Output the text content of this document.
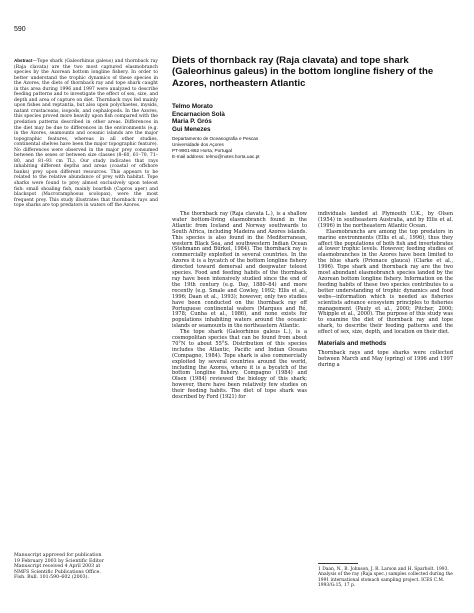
590
Abstract—Tope shark (Galeorhinus galeus) and thornback ray (Raja clavata) are the two most captured elasmobranch species by the Azorean bottom longline fishery. In order to better understand the trophic dynamics of these species in the Azores, the diets of thornback ray and tope shark caught in this area during 1996 and 1997 were analyzed to describe feeding patterns and to investigate the effect of sex, size, and depth and area of capture on diet. Thornback rays fed mainly upon fishes and reptantia, but also upon polychaetes, mysids, natant crustaceans, isopods, and cephalopods. In the Azores, this species proved more heavily upon fish compared with the predation patterns described in other areas. Differences in the diet may be due to differences in the environments (e.g. in the Azores, seamounts and oceanic islands are the major topographic features, whereas in all other studies, continental shelves have been the major topographic feature). No differences were observed in the major prey consumed between the sexes or between size classes (8–60, 61–70, 71–80, and 81–93 cm TL). Our study indicates that rays inhabiting different depths and areas (coastal or offshore banks) prey upon different resources. This appears to be related to the relative abundance of prey with habitat. Tope sharks were found to prey almost exclusively upon teleost fish: small shoaling fish, mainly boarfish (Capros aper) and blackspot (Macroramphosus scolopax), were the most frequent prey. This study illustrates that thornback rays and tope sharks are top predators in waters off the Azores.
Diets of thornback ray (Raja clavata) and tope shark (Galeorhinus galeus) in the bottom longline fishery of the Azores, northeastern Atlantic
Telmo Morato
Encarnacion Solà
Maria P. Grós
Gui Menezes
Departamento de Oceanografia e Pescas
Universidade dos Açores
PT-9901-862 Horta, Portugal
E-mail address: telmo@notes.horta.uac.pt

The thornback ray (Raja clavata L.), is a shallow water bottom-living elasmobranch found in the Atlantic from Iceland and Norway southwards to South Africa, including Madeira and Azores islands. This species is also found in the Mediterranean, western Black Sea, and southwestern Indian Ocean (Stehmann and Bürkel, 1984). The thornback ray is commercially exploited in several countries. In the Azores it is a bycatch of the bottom longline fishery directed toward demersal and deepwater teleost species. Food and feeding habits of the thornback ray have been intensively studied since the end of the 19th century (e.g. Day, 1880–84) and more recently (e.g. Smale and Cowley, 1992; Ellis et al., 1996; Daan et al., 1993); however, only two studies have been conducted on the thornback ray off Portuguese continental waters (Marques and Ré, 1978; Cunha et al., 1986), and none exists for populations inhabiting waters around the oceanic islands or seamounts in the northeastern Atlantic.

The tope shark (Galeorhinus galeus L.), is a cosmopolitan species that can be found from about 70°N to about 55°S. Distribution of this species includes the Atlantic, Pacific and Indian Oceans (Compagno, 1984). Tope shark is also commercially exploited by several countries around the world, including the Azores, where it is a bycatch of the bottom longline fishery. Compagno (1984) and Olsen (1984) reviewed the biology of this shark; however, there have been relatively few studies on their feeding habits. The diet of tope shark was described by Ford (1921) for

individuals landed at Plymouth U.K., by Olsen (1954) in southeastern Australia, and by Ellis et al. (1996) in the northeastern Atlantic Ocean.

Elasmobranchs are among the top predators in marine environments (Ellis et al., 1996), thus they affect the populations of both fish and invertebrates at lower trophic levels. However, feeding studies of elasmobranches in the Azores have been limited to the blue shark (Prionace glauca) (Clarke et al., 1996). Tope shark and thornback ray are the two most abundant elasmobranch species landed by the Azorean bottom longline fishery. Information on the feeding habits of these two species contributes to a better understanding of trophic dynamics and food webs—information which is needed as fisheries scientists advance ecosystem principles to fisheries management (Pauly et al., 2000; Pitcher, 2000; Whipple et al., 2000). The purpose of this study was to examine the diet of thornback ray and tope shark, to describe their feeding patterns and the effect of sex, size, depth, and location on their diet.

Materials and methods

Thornback rays and tope sharks were collected between March and May (spring) of 1996 and 1997 during a

Manuscript approved for publication
19 February 2003 by Scientific Editor
Manuscript received 4 April 2003 at
NMFS Scientific Publications Office.
Fish. Bull. 101:590–602 (2003).
1 Daan, N., B. Johnson, J. R. Larson and H. Sparholt. 1993. Analysis of the ray (Raja spec.) samples collected during the 1991 international stomach sampling project. ICES C.M. 1993/G:15, 17 p.
